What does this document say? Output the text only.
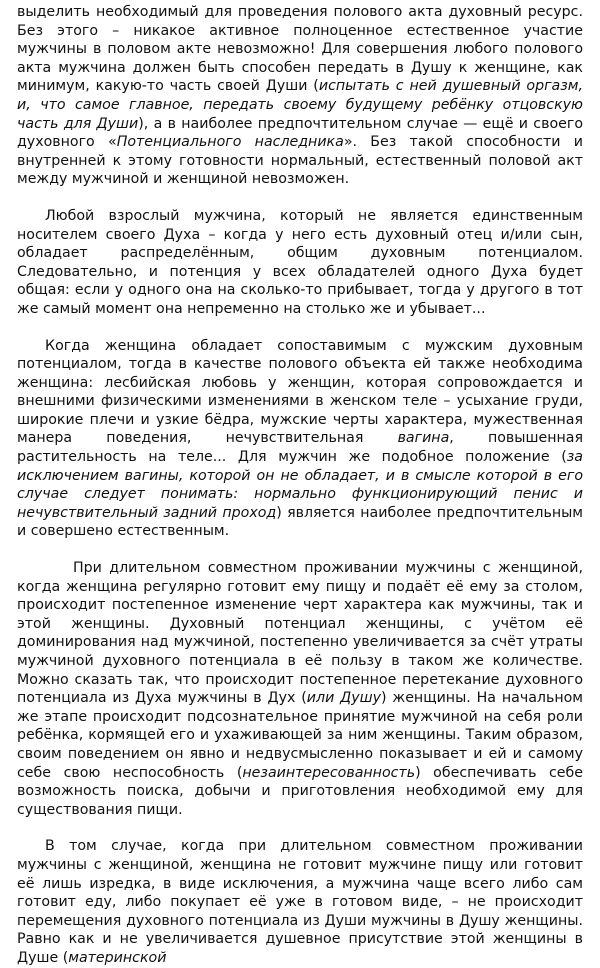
выделить необходимый для проведения полового акта духовный ресурс. Без этого – никакое активное полноценное естественное участие мужчины в половом акте невозможно! Для совершения любого полового акта мужчина должен быть способен передать в Душу к женщине, как минимум, какую-то часть своей Души (испытать с ней душевный оргазм, и, что самое главное, передать своему будущему ребёнку отцовскую часть для Души), а в наиболее предпочтительном случае — ещё и своего духовного «Потенциального наследника». Без такой способности и внутренней к этому готовности нормальный, естественный половой акт между мужчиной и женщиной невозможен.

Любой взрослый мужчина, который не является единственным носителем своего Духа – когда у него есть духовный отец и/или сын, обладает распределённым, общим духовным потенциалом. Следовательно, и потенция у всех обладателей одного Духа будет общая: если у одного она на сколько-то прибывает, тогда у другого в тот же самый момент она непременно на столько же и убывает...

Когда женщина обладает сопоставимым с мужским духовным потенциалом, тогда в качестве полового объекта ей также необходима женщина: лесбийская любовь у женщин, которая сопровождается и внешними физическими изменениями в женском теле – усыхание груди, широкие плечи и узкие бёдра, мужские черты характера, мужественная манера поведения, нечувствительная вагина, повышенная растительность на теле... Для мужчин же подобное положение (за исключением вагины, которой он не обладает, и в смысле которой в его случае следует понимать: нормально функционирующий пенис и нечувствительный задний проход) является наиболее предпочтительным и совершено естественным.

При длительном совместном проживании мужчины с женщиной, когда женщина регулярно готовит ему пищу и подаёт её ему за столом, происходит постепенное изменение черт характера как мужчины, так и этой женщины. Духовный потенциал женщины, с учётом её доминирования над мужчиной, постепенно увеличивается за счёт утраты мужчиной духовного потенциала в её пользу в таком же количестве. Можно сказать так, что происходит постепенное перетекание духовного потенциала из Духа мужчины в Дух (или Душу) женщины. На начальном же этапе происходит подсознательное принятие мужчиной на себя роли ребёнка, кормящей его и ухаживающей за ним женщины. Таким образом, своим поведением он явно и недвусмысленно показывает и ей и самому себе свою неспособность (незаинтересованность) обеспечивать себе возможность поиска, добычи и приготовления необходимой ему для существования пищи.

В том случае, когда при длительном совместном проживании мужчины с женщиной, женщина не готовит мужчине пищу или готовит её лишь изредка, в виде исключения, а мужчина чаще всего либо сам готовит еду, либо покупает её уже в готовом виде, – не происходит перемещения духовного потенциала из Души мужчины в Душу женщины. Равно как и не увеличивается душевное присутствие этой женщины в Душе (материнской
